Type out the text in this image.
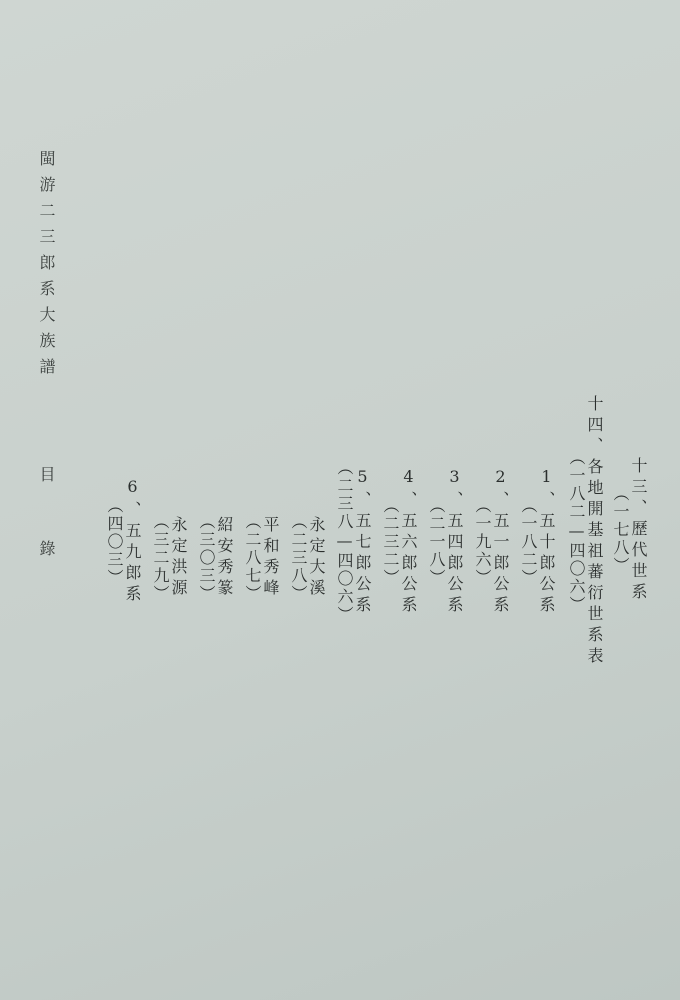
十三、歷代世系
（一七八）
十四、各地開基祖蕃衍世系表
（一八二—四〇六）
1、五十郎公系
（一八二）
2、五一郎公系
（一九六）
3、五四郎公系
（二一八）
4、五六郎公系
（二三二）
5、五七郎公系
（二三八—四〇六）
永定大溪
（二三八）
平和秀峰
（二八七）
紹安秀篆
（三〇三）
永定洪源
（三二九）
6、五九郎系
（四〇三）
閩游二三郎系大族譜
目
錄
